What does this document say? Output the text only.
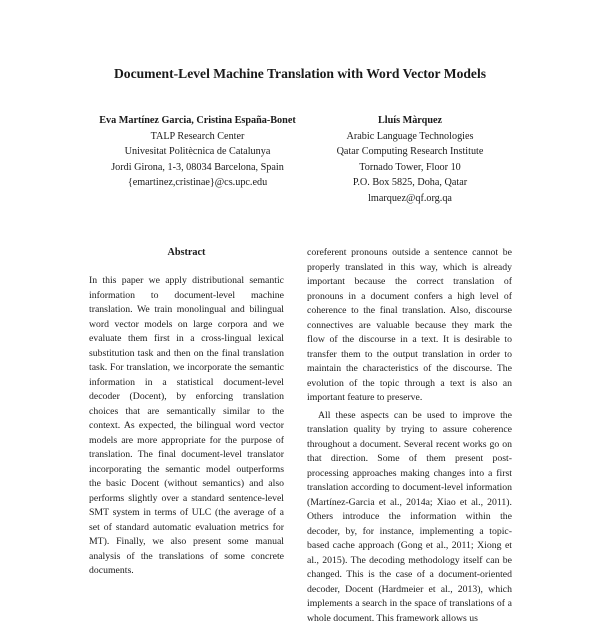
Document-Level Machine Translation with Word Vector Models
Eva Martínez Garcia, Cristina España-Bonet
TALP Research Center
Univesitat Politècnica de Catalunya
Jordi Girona, 1-3, 08034 Barcelona, Spain
{emartinez,cristinae}@cs.upc.edu
Lluís Màrquez
Arabic Language Technologies
Qatar Computing Research Institute
Tornado Tower, Floor 10
P.O. Box 5825, Doha, Qatar
lmarquez@qf.org.qa
Abstract

In this paper we apply distributional semantic information to document-level machine translation. We train monolingual and bilingual word vector models on large corpora and we evaluate them first in a cross-lingual lexical substitution task and then on the final translation task. For translation, we incorporate the semantic information in a statistical document-level decoder (Docent), by enforcing translation choices that are semantically similar to the context. As expected, the bilingual word vector models are more appropriate for the purpose of translation. The final document-level translator incorporating the semantic model outperforms the basic Docent (without semantics) and also performs slightly over a standard sentence-level SMT system in terms of ULC (the average of a set of standard automatic evaluation metrics for MT). Finally, we also present some manual analysis of the translations of some concrete documents.

coreferent pronouns outside a sentence cannot be properly translated in this way, which is already important because the correct translation of pronouns in a document confers a high level of coherence to the final translation. Also, discourse connectives are valuable because they mark the flow of the discourse in a text. It is desirable to transfer them to the output translation in order to maintain the characteristics of the discourse. The evolution of the topic through a text is also an important feature to preserve.

All these aspects can be used to improve the translation quality by trying to assure coherence throughout a document. Several recent works go on that direction. Some of them present post-processing approaches making changes into a first translation according to document-level information (Martínez-Garcia et al., 2014a; Xiao et al., 2011). Others introduce the information within the decoder, by, for instance, implementing a topic-based cache approach (Gong et al., 2011; Xiong et al., 2015). The decoding methodology itself can be changed. This is the case of a document-oriented decoder, Docent (Hardmeier et al., 2013), which implements a search in the space of translations of a whole document. This framework allows us
